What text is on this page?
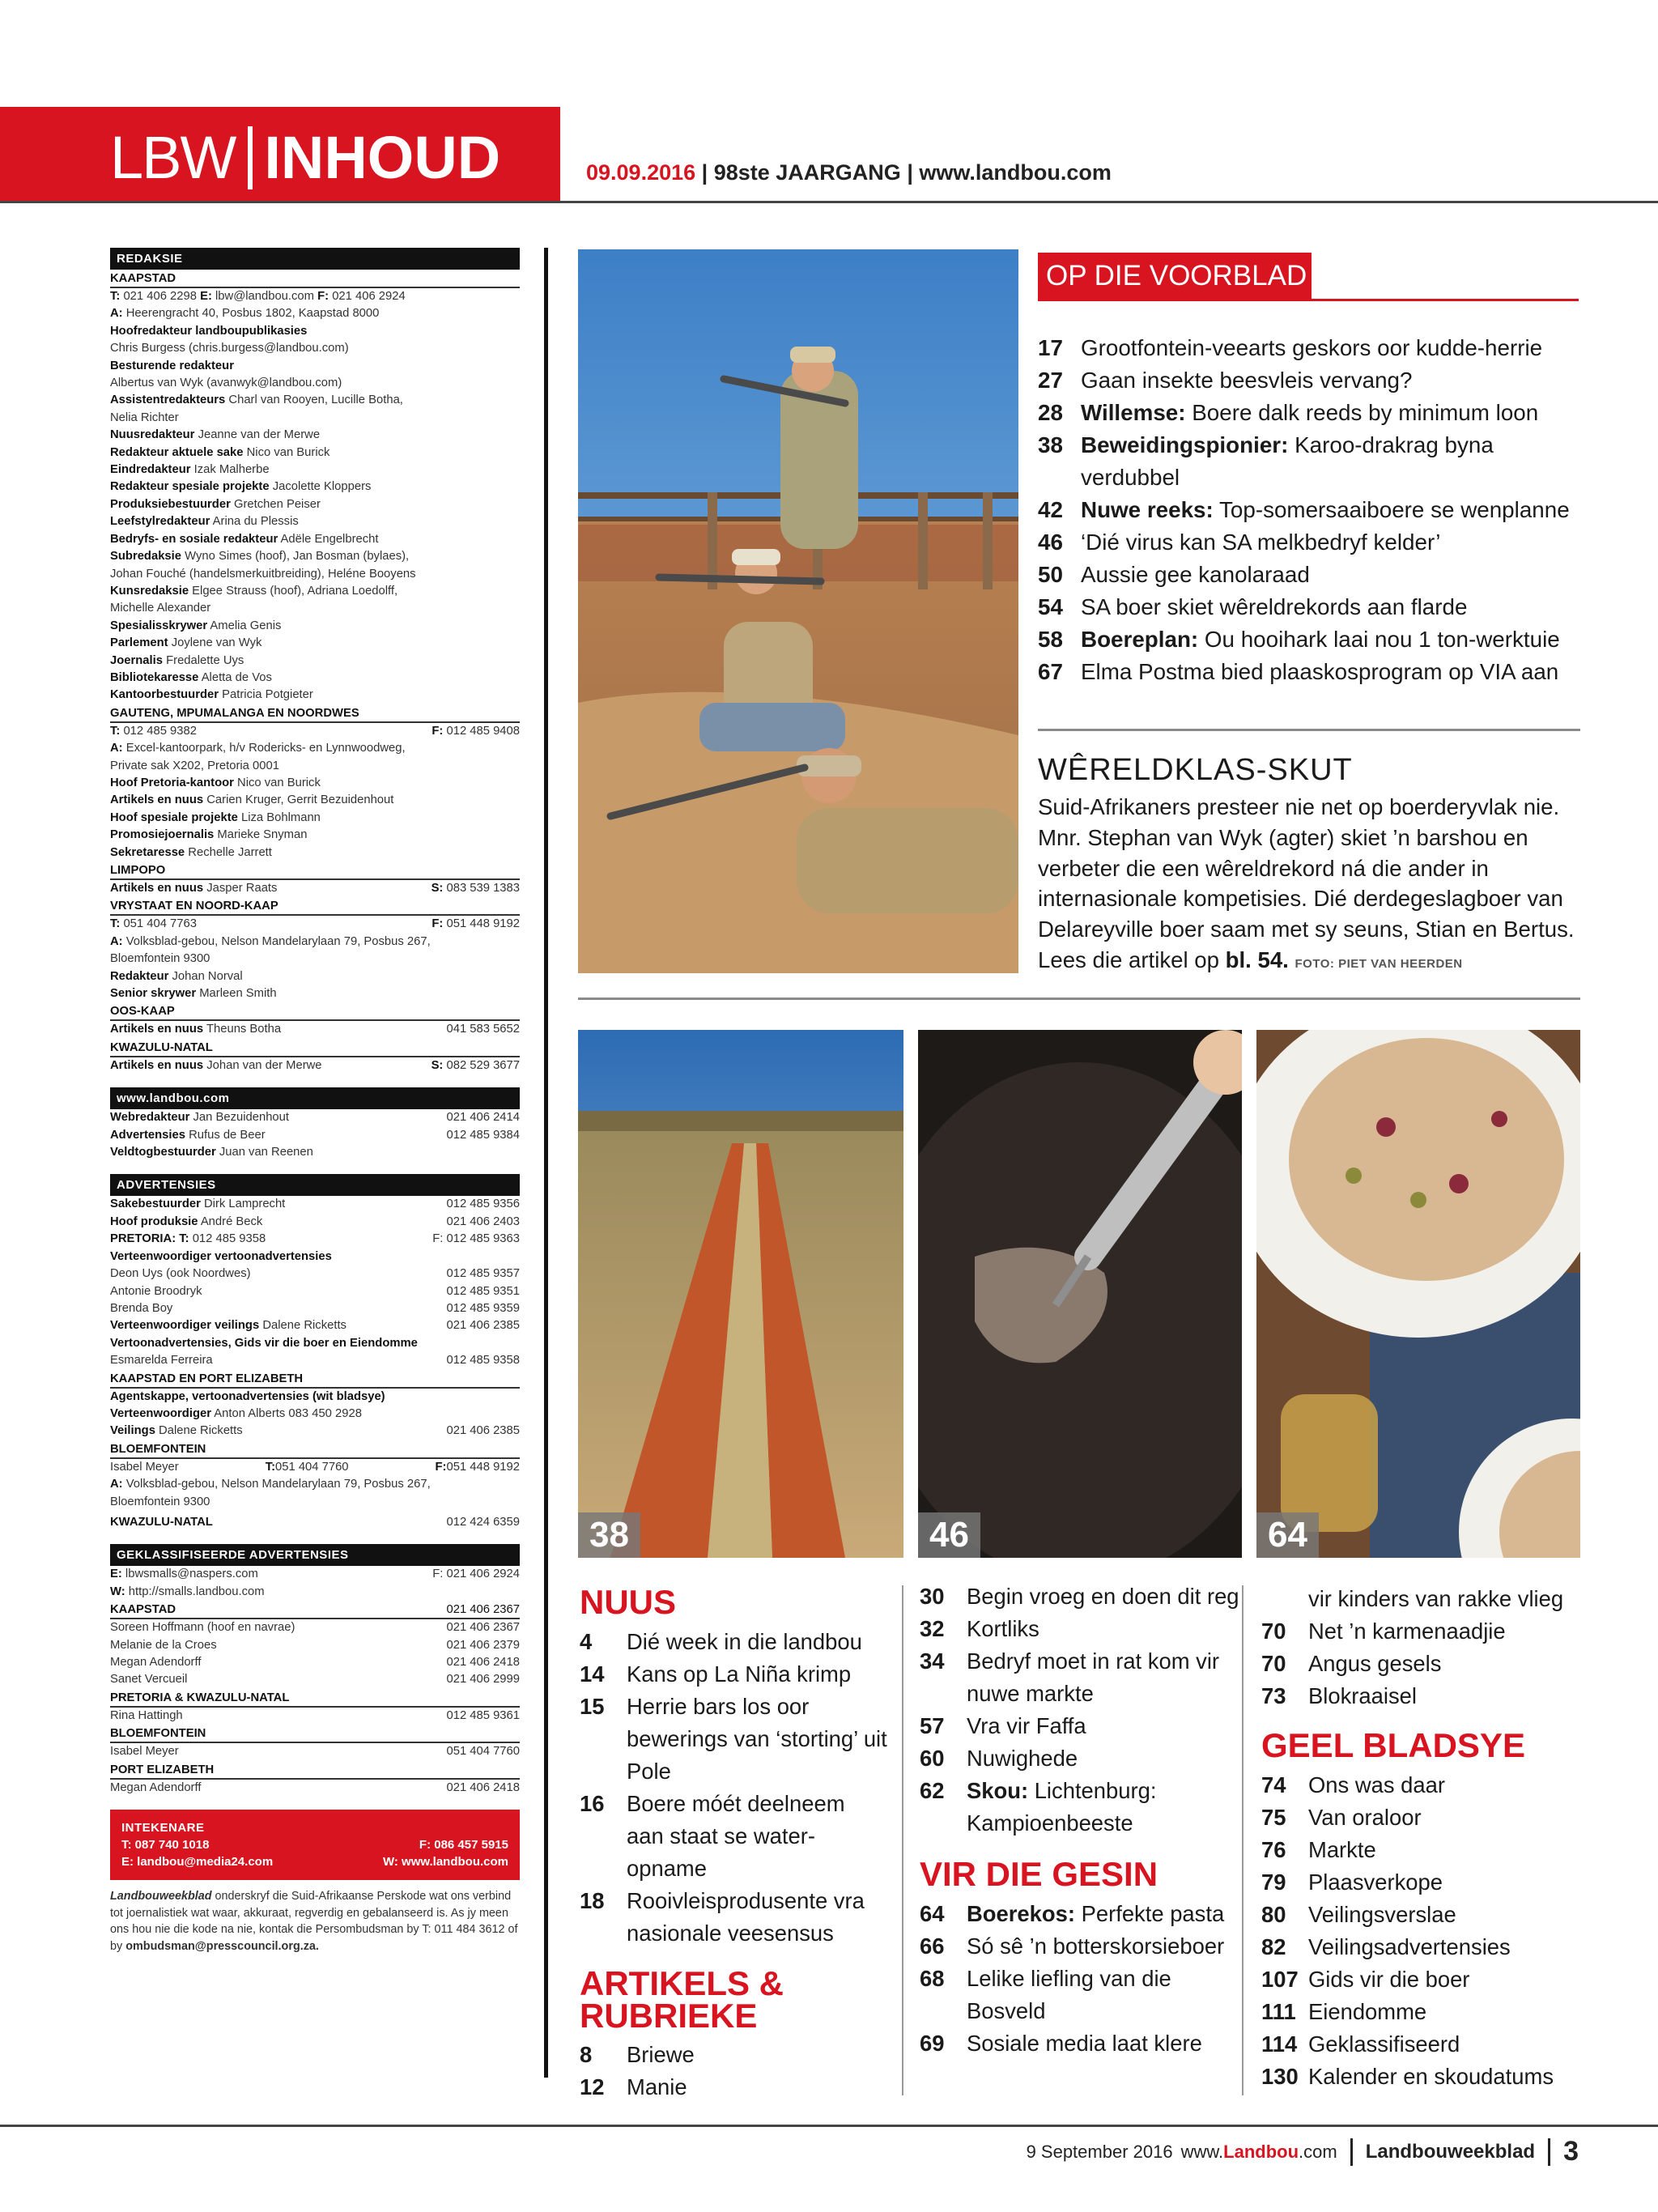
LBW INHOUD	09.09.2016 | 98ste JAARGANG | www.landbou.com
REDAKSIE
KAAPSTAD
T: 021 406 2298 E: lbw@landbou.com F: 021 406 2924
A: Heerengracht 40, Posbus 1802, Kaapstad 8000
Hoofredakteur landboupublikasies
Chris Burgess (chris.burgess@landbou.com)
Besturende redakteur
Albertus van Wyk (avanwyk@landbou.com)
Assistentredakteurs Charl van Rooyen, Lucille Botha,
Nelia Richter
Nuusredakteur Jeanne van der Merwe
Redakteur aktuele sake Nico van Burick
Eindredakteur Izak Malherbe
Redakteur spesiale projekte Jacolette Kloppers
Produksiebestuurder Gretchen Peiser
Leefstylredakteur Arina du Plessis
Bedryfs- en sosiale redakteur Adële Engelbrecht
Subredaksie Wyno Simes (hoof), Jan Bosman (bylaes),
Johan Fouché (handelsmerkuitbreiding), Heléne Booyens
Kunsredaksie Elgee Strauss (hoof), Adriana Loedolff,
Michelle Alexander
Spesialisskrywer Amelia Genis
Parlement Joylene van Wyk
Joernalis Fredalette Uys
Bibliotekaresse Aletta de Vos
Kantoorbestuurder Patricia Potgieter
GAUTENG, MPUMALANGA EN NOORDWES
T: 012 485 9382	F: 012 485 9408
A: Excel-kantoorpark, h/v Rodericks- en Lynnwoodweg,
Private sak X202, Pretoria 0001
Hoof Pretoria-kantoor Nico van Burick
Artikels en nuus Carien Kruger, Gerrit Bezuidenhout
Hoof spesiale projekte Liza Bohlmann
Promosiejoernalis Marieke Snyman
Sekretaresse Rechelle Jarrett
LIMPOPO
Artikels en nuus Jasper Raats	S: 083 539 1383
VRYSTAAT EN NOORD-KAAP
T: 051 404 7763	F: 051 448 9192
A: Volksblad-gebou, Nelson Mandelarylaan 79, Posbus 267,
Bloemfontein 9300
Redakteur Johan Norval
Senior skrywer Marleen Smith
OOS-KAAP
Artikels en nuus Theuns Botha	041 583 5652
KWAZULU-NATAL
Artikels en nuus Johan van der Merwe	S: 082 529 3677
www.landbou.com
Webredakteur Jan Bezuidenhout	021 406 2414
Advertensies Rufus de Beer	012 485 9384
Veldtogbestuurder Juan van Reenen
ADVERTENSIES
Sakebestuurder Dirk Lamprecht	012 485 9356
Hoof produksie André Beck	021 406 2403
PRETORIA: T: 012 485 9358	F: 012 485 9363
Verteenwoordiger vertoonadvertensies
Deon Uys (ook Noordwes)	012 485 9357
Antonie Broodryk	012 485 9351
Brenda Boy	012 485 9359
Verteenwoordiger veilings Dalene Ricketts	021 406 2385
Vertoonadvertensies, Gids vir die boer en Eiendomme
Esmarelda Ferreira	012 485 9358
KAAPSTAD EN PORT ELIZABETH
Agentskappe, vertoonadvertensies (wit bladsye)
Verteenwoordiger Anton Alberts 083 450 2928
Veilings Dalene Ricketts	021 406 2385
BLOEMFONTEIN
Isabel Meyer	T:051 404 7760	F:051 448 9192
A: Volksblad-gebou, Nelson Mandelarylaan 79, Posbus 267,
Bloemfontein 9300
KWAZULU-NATAL	012 424 6359
GEKLASSIFISEERDE ADVERTENSIES
E: lbwsmalls@naspers.com	F: 021 406 2924
W: http://smalls.landbou.com
KAAPSTAD	021 406 2367
Soreen Hoffmann (hoof en navrae)	021 406 2367
Melanie de la Croes	021 406 2379
Megan Adendorff	021 406 2418
Sanet Vercueil	021 406 2999
PRETORIA & KWAZULU-NATAL
Rina Hattingh	012 485 9361
BLOEMFONTEIN
Isabel Meyer	051 404 7760
PORT ELIZABETH
Megan Adendorff	021 406 2418
INTEKENARE
T: 087 740 1018	F: 086 457 5915
E: landbou@media24.com	W: www.landbou.com
Landbouweekblad onderskryf die Suid-Afrikaanse Perskode wat ons verbind tot joernalistiek wat waar, akkuraat, regverdig en gebalanseerd is. As jy meen ons hou nie die kode na nie, kontak die Persombudsman by T: 011 484 3612 of by ombudsman@presscouncil.org.za.
OP DIE VOORBLAD
17 Grootfontein-veearts geskors oor kudde-herrie
27 Gaan insekte beesvleis vervang?
28 Willemse: Boere dalk reeds by minimum loon
38 Beweidingspionier: Karoo-drakrag byna verdubbel
42 Nuwe reeks: Top-somersaaiboere se wenplanne
46 ‘Dié virus kan SA melkbedryf kelder’
50 Aussie gee kanolaraad
54 SA boer skiet wêreldrekords aan flarde
58 Boereplan: Ou hooihark laai nou 1 ton-werktuie
67 Elma Postma bied plaaskosprogram op VIA aan
WÊRELDKLAS-SKUT
Suid-Afrikaners presteer nie net op boerderyvlak nie. Mnr. Stephan van Wyk (agter) skiet ’n barshou en verbeter die een wêreldrekord ná die ander in internasionale kompetisies. Dié derdegeslagboer van Delareyville boer saam met sy seuns, Stian en Bertus. Lees die artikel op bl. 54. FOTO: PIET VAN HEERDEN
38	46	64
NUUS
4	Dié week in die landbou
14	Kans op La Niña krimp
15	Herrie bars los oor bewerings van ‘storting’ uit Pole
16	Boere móét deelneem aan staat se water-opname
18	Rooivleisprodusente vra nasionale veesensus
ARTIKELS & RUBRIEKE
8	Briewe
12	Manie
30	Begin vroeg en doen dit reg
32	Kortliks
34	Bedryf moet in rat kom vir nuwe markte
57	Vra vir Faffa
60	Nuwighede
62	Skou: Lichtenburg: Kampioenbeeste
VIR DIE GESIN
64	Boerekos: Perfekte pasta
66	Só sê ’n botterskorsieboer
68	Lelike liefling van die Bosveld
69	Sosiale media laat klere
vir kinders van rakke vlieg
70	Net ’n karmenaadjie
70	Angus gesels
73	Blokraaisel
GEEL BLADSYE
74	Ons was daar
75	Van oraloor
76	Markte
79	Plaasverkope
80	Veilingsverslae
82	Veilingsadvertensies
107 Gids vir die boer
111 Eiendomme
114 Geklassifiseerd
130 Kalender en skoudatums
9 September 2016 www.Landbou.com Landbouweekblad 3
